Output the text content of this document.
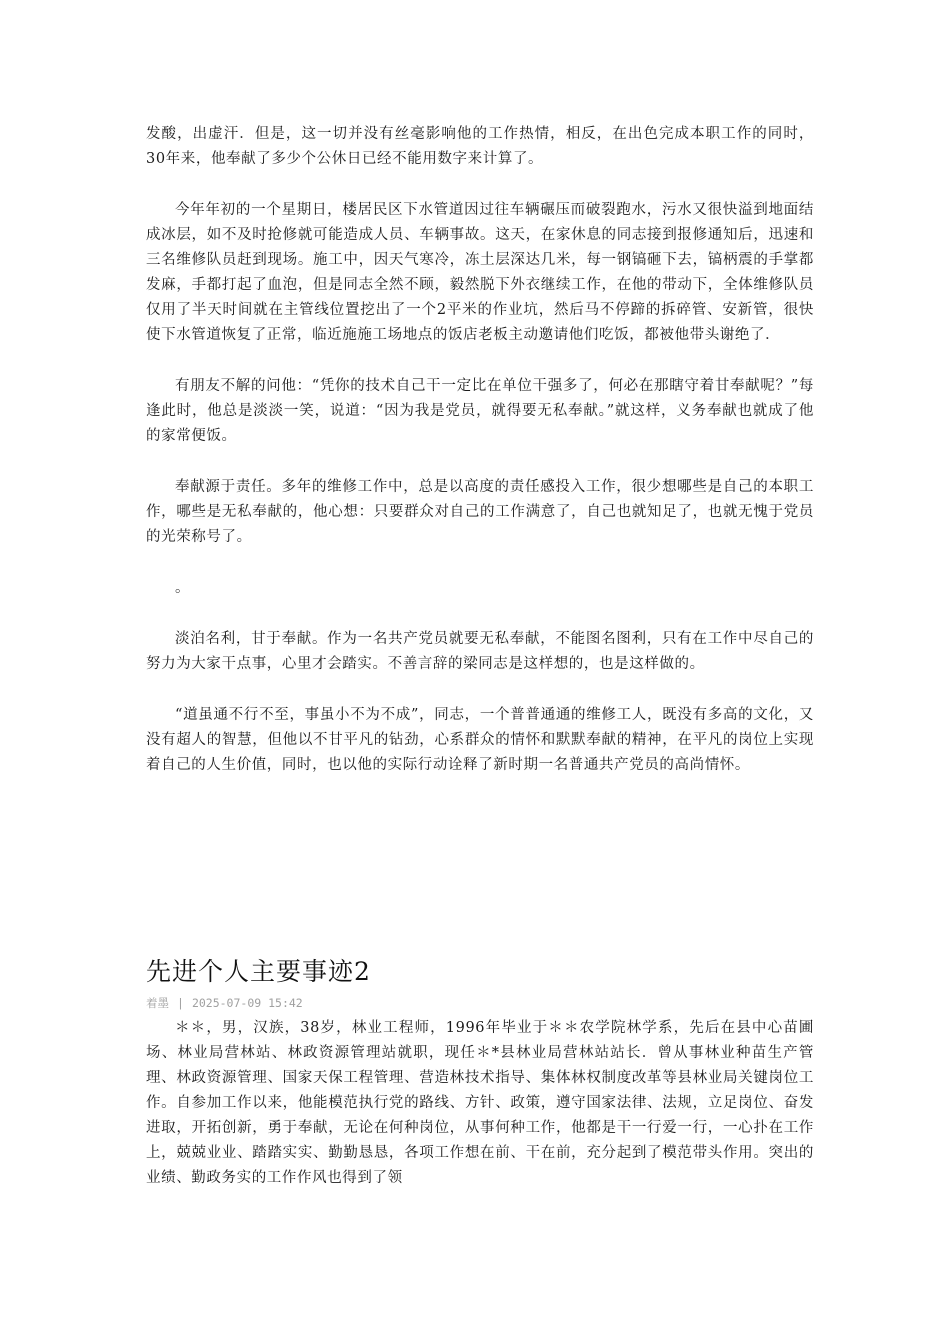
发酸，出虚汗．但是，这一切并没有丝毫影响他的工作热情，相反，在出色完成本职工作的同时，30年来，他奉献了多少个公休日已经不能用数字来计算了。

今年年初的一个星期日，楼居民区下水管道因过往车辆碾压而破裂跑水，污水又很快溢到地面结成冰层，如不及时抢修就可能造成人员、车辆事故。这天，在家休息的同志接到报修通知后，迅速和三名维修队员赶到现场。施工中，因天气寒冷，冻土层深达几米，每一钢镐砸下去，镐柄震的手掌都发麻，手都打起了血泡，但是同志全然不顾，毅然脱下外衣继续工作，在他的带动下，全体维修队员仅用了半天时间就在主管线位置挖出了一个2平米的作业坑，然后马不停蹄的拆碎管、安新管，很快使下水管道恢复了正常，临近施施工场地点的饭店老板主动邀请他们吃饭，都被他带头谢绝了．

有朋友不解的问他：“凭你的技术自己干一定比在单位干强多了，何必在那瞎守着甘奉献呢？”每逢此时，他总是淡淡一笑，说道：“因为我是党员，就得要无私奉献。”就这样，义务奉献也就成了他的家常便饭。

奉献源于责任。多年的维修工作中，总是以高度的责任感投入工作，很少想哪些是自己的本职工作，哪些是无私奉献的，他心想：只要群众对自己的工作满意了，自己也就知足了，也就无愧于党员的光荣称号了。

。

淡泊名利，甘于奉献。作为一名共产党员就要无私奉献，不能图名图利，只有在工作中尽自己的努力为大家干点事，心里才会踏实。不善言辞的梁同志是这样想的，也是这样做的。

“道虽通不行不至，事虽小不为不成”，同志，一个普普通通的维修工人，既没有多高的文化，又没有超人的智慧，但他以不甘平凡的钻劲，心系群众的情怀和默默奉献的精神，在平凡的岗位上实现着自己的人生价值，同时，也以他的实际行动诠释了新时期一名普通共产党员的高尚情怀。

先进个人主要事迹2
着墨 | 2025-07-09 15:42

＊＊，男，汉族，38岁，林业工程师，1996年毕业于＊＊农学院林学系，先后在县中心苗圃场、林业局营林站、林政资源管理站就职，现任＊*县林业局营林站站长．曾从事林业种苗生产管理、林政资源管理、国家天保工程管理、营造林技术指导、集体林权制度改革等县林业局关键岗位工作。自参加工作以来，他能模范执行党的路线、方针、政策，遵守国家法律、法规，立足岗位、奋发进取，开拓创新，勇于奉献，无论在何种岗位，从事何种工作，他都是干一行爱一行，一心扑在工作上，兢兢业业、踏踏实实、勤勤恳恳，各项工作想在前、干在前，充分起到了模范带头作用。突出的业绩、勤政务实的工作作风也得到了领
